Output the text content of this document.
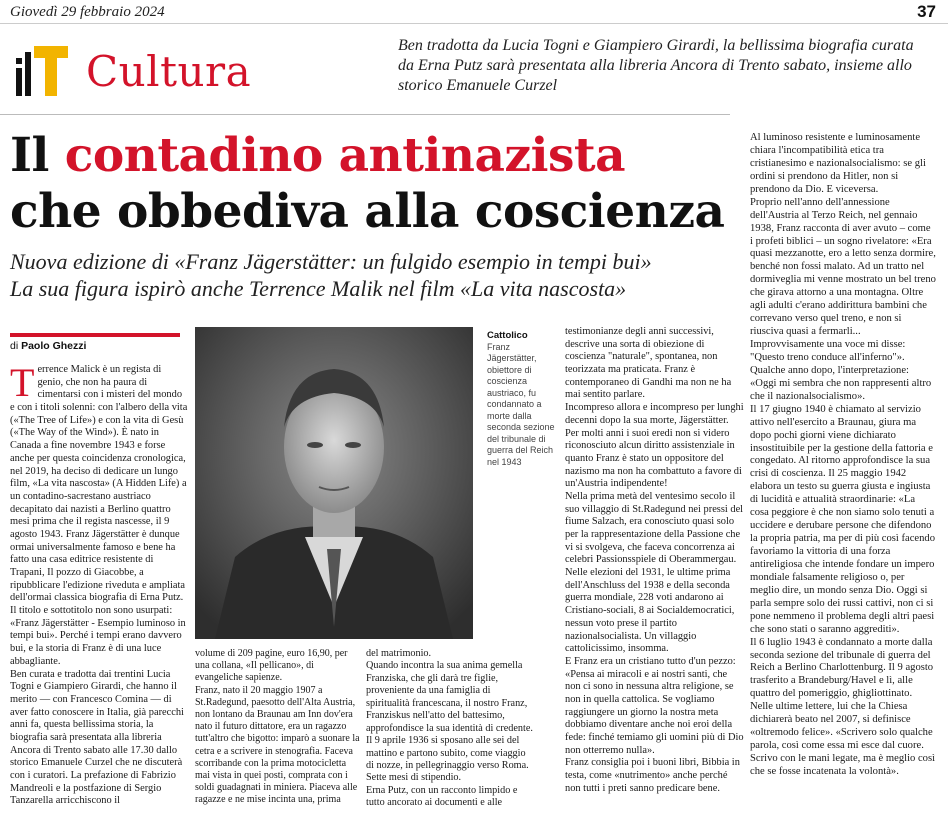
Giovedì 29 febbraio 2024	37
Cultura
Ben tradotta da Lucia Togni e Giampiero Girardi, la bellissima biografia curata da Erna Putz sarà presentata alla libreria Ancora di Trento sabato, insieme allo storico Emanuele Curzel
Il contadino antinazista
che obbediva alla coscienza
Nuova edizione di «Franz Jägerstätter: un fulgido esempio in tempi bui»
La sua figura ispirò anche Terrence Malik nel film «La vita nascosta»
di Paolo Ghezzi

Terrence Malick è un regista di genio, che non ha paura di cimentarsi con i misteri del mondo e con i titoli solenni: con l'albero della vita («The Tree of Life») e con la vita di Gesù («The Way of the Wind»). È nato in Canada a fine novembre 1943 e forse anche per questa coincidenza cronologica, nel 2019, ha deciso di dedicare un lungo film, «La vita nascosta» (A Hidden Life) a un contadino-sacrestano austriaco decapitato dai nazisti a Berlino quattro mesi prima che il regista nascesse, il 9 agosto 1943. Franz Jägerstätter è dunque ormai universalmente famoso e bene ha fatto una casa editrice resistente di Trapani, Il pozzo di Giacobbe, a ripubblicare l'edizione riveduta e ampliata dell'ormai classica biografia di Erna Putz. Il titolo e sottotitolo non sono usurpati: «Franz Jägerstätter - Esempio luminoso in tempi bui». Perché i tempi erano davvero bui, e la storia di Franz è di una luce abbagliante.

Ben curata e tradotta dai trentini Lucia Togni e Giampiero Girardi, che hanno il merito — con Francesco Comina — di aver fatto conoscere in Italia, già parecchi anni fa, questa bellissima storia, la biografia sarà presentata alla libreria Ancora di Trento sabato alle 17.30 dallo storico Emanuele Curzel che ne discuterà con i curatori. La prefazione di Fabrizio Mandreoli e la postfazione di Sergio Tanzarella arricchiscono il

Cattolico
Franz Jägerstätter, obiettore di coscienza austriaco, fu condannato a morte dalla seconda sezione del tribunale di guerra del Reich nel 1943

volume di 209 pagine, euro 16,90, per una collana, «Il pellicano», di evangeliche sapienze.

Franz, nato il 20 maggio 1907 a St.Radegund, paesotto dell'Alta Austria, non lontano da Braunau am Inn dov'era nato il futuro dittatore, era un ragazzo tutt'altro che bigotto: imparò a suonare la cetra e a scrivere in stenografia. Faceva scorribande con la prima motocicletta mai vista in quei posti, comprata con i soldi guadagnati in miniera. Piaceva alle ragazze e ne mise incinta una, prima

del matrimonio.

Quando incontra la sua anima gemella Franziska, che gli darà tre figlie, proveniente da una famiglia di spiritualità francescana, il nostro Franz, Franziskus nell'atto del battesimo, approfondisce la sua identità di credente. Il 9 aprile 1936 si sposano alle sei del mattino e partono subito, come viaggio di nozze, in pellegrinaggio verso Roma. Sette mesi di stipendio.

Erna Putz, con un racconto limpido e tutto ancorato ai documenti e alle

testimonianze degli anni successivi, descrive una sorta di obiezione di coscienza "naturale", spontanea, non teorizzata ma praticata. Franz è contemporaneo di Gandhi ma non ne ha mai sentito parlare.

Incompreso allora e incompreso per lunghi decenni dopo la sua morte, Jägerstätter. Per molti anni i suoi eredi non si videro riconosciuto alcun diritto assistenziale in quanto Franz è stato un oppositore del nazismo ma non ha combattuto a favore di un'Austria indipendente!

Nella prima metà del ventesimo secolo il suo villaggio di St.Radegund nei pressi del fiume Salzach, era conosciuto quasi solo per la rappresentazione della Passione che vi si svolgeva, che faceva concorrenza ai celebri Passionsspiele di Oberammergau. Nelle elezioni del 1931, le ultime prima dell'Anschluss del 1938 e della seconda guerra mondiale, 228 voti andarono ai Cristiano-sociali, 8 ai Socialdemocratici, nessun voto prese il partito nazionalsocialista. Un villaggio cattolicissimo, insomma.

E Franz era un cristiano tutto d'un pezzo: «Pensa ai miracoli e ai nostri santi, che non ci sono in nessuna altra religione, se non in quella cattolica. Se vogliamo raggiungere un giorno la nostra meta dobbiamo diventare anche noi eroi della fede: finché temiamo gli uomini più di Dio non otterremo nulla».

Franz consiglia poi i buoni libri, Bibbia in testa, come «nutrimento» anche perché non tutti i preti sanno predicare bene.

Al luminoso resistente e luminosamente chiara l'incompatibilità etica tra cristianesimo e nazionalsocialismo: se gli ordini si prendono da Hitler, non si prendono da Dio. E viceversa.

Proprio nell'anno dell'annessione dell'Austria al Terzo Reich, nel gennaio 1938, Franz racconta di aver avuto – come i profeti biblici – un sogno rivelatore: «Era quasi mezzanotte, ero a letto senza dormire, benché non fossi malato. Ad un tratto nel dormiveglia mi venne mostrato un bel treno che girava attorno a una montagna. Oltre agli adulti c'erano addirittura bambini che correvano verso quel treno, e non si riusciva quasi a fermarli... Improvvisamente una voce mi disse: "Questo treno conduce all'inferno"».

Qualche anno dopo, l'interpretazione: «Oggi mi sembra che non rappresenti altro che il nazionalsocialismo».

Il 17 giugno 1940 è chiamato al servizio attivo nell'esercito a Braunau, giura ma dopo pochi giorni viene dichiarato insostituibile per la gestione della fattoria e congedato. Al ritorno approfondisce la sua crisi di coscienza. Il 25 maggio 1942 elabora un testo su guerra giusta e ingiusta di lucidità e attualità straordinarie: «La cosa peggiore è che non siamo solo tenuti a uccidere e derubare persone che difendono la propria patria, ma per di più così facendo favoriamo la vittoria di una forza antireligiosa che intende fondare un impero mondiale falsamente religioso o, per meglio dire, un mondo senza Dio. Oggi si parla sempre solo dei russi cattivi, non ci si pone nemmeno il problema degli altri paesi che sono stati o saranno aggrediti».

Il 6 luglio 1943 è condannato a morte dalla seconda sezione del tribunale di guerra del Reich a Berlino Charlottenburg. Il 9 agosto trasferito a Brandeburg/Havel e lì, alle quattro del pomeriggio, ghigliottinato.

Nelle ultime lettere, lui che la Chiesa dichiarerà beato nel 2007, si definisce «oltremodo felice». «Scrivero solo qualche parola, così come essa mi esce dal cuore. Scrivo con le mani legate, ma è meglio così che se fosse incatenata la volontà».
